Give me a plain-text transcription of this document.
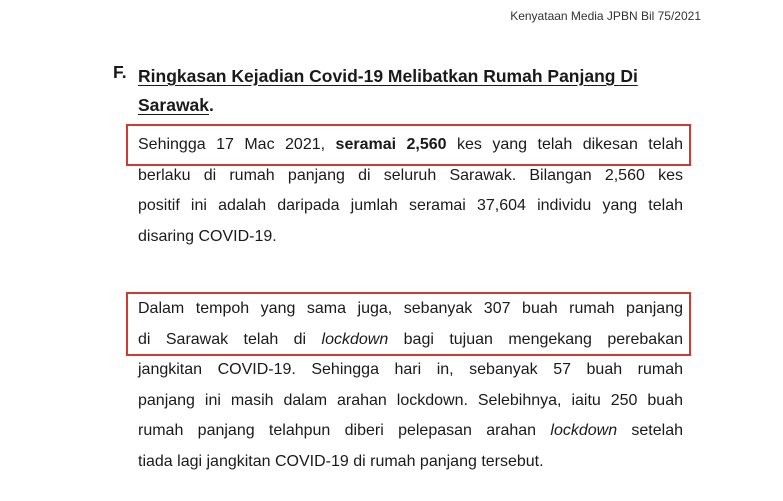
Kenyataan Media JPBN Bil 75/2021
F. Ringkasan Kejadian Covid-19 Melibatkan Rumah Panjang Di
Sarawak.
Sehingga 17 Mac 2021, seramai 2,560 kes yang telah dikesan telah
berlaku di rumah panjang di seluruh Sarawak. Bilangan 2,560 kes
positif ini adalah daripada jumlah seramai 37,604 individu yang telah
disaring COVID-19.
Dalam tempoh yang sama juga, sebanyak 307 buah rumah panjang
di Sarawak telah di lockdown bagi tujuan mengekang perebakan
jangkitan COVID-19. Sehingga hari in, sebanyak 57 buah rumah
panjang ini masih dalam arahan lockdown. Selebihnya, iaitu 250 buah
rumah panjang telahpun diberi pelepasan arahan lockdown setelah
tiada lagi jangkitan COVID-19 di rumah panjang tersebut.
